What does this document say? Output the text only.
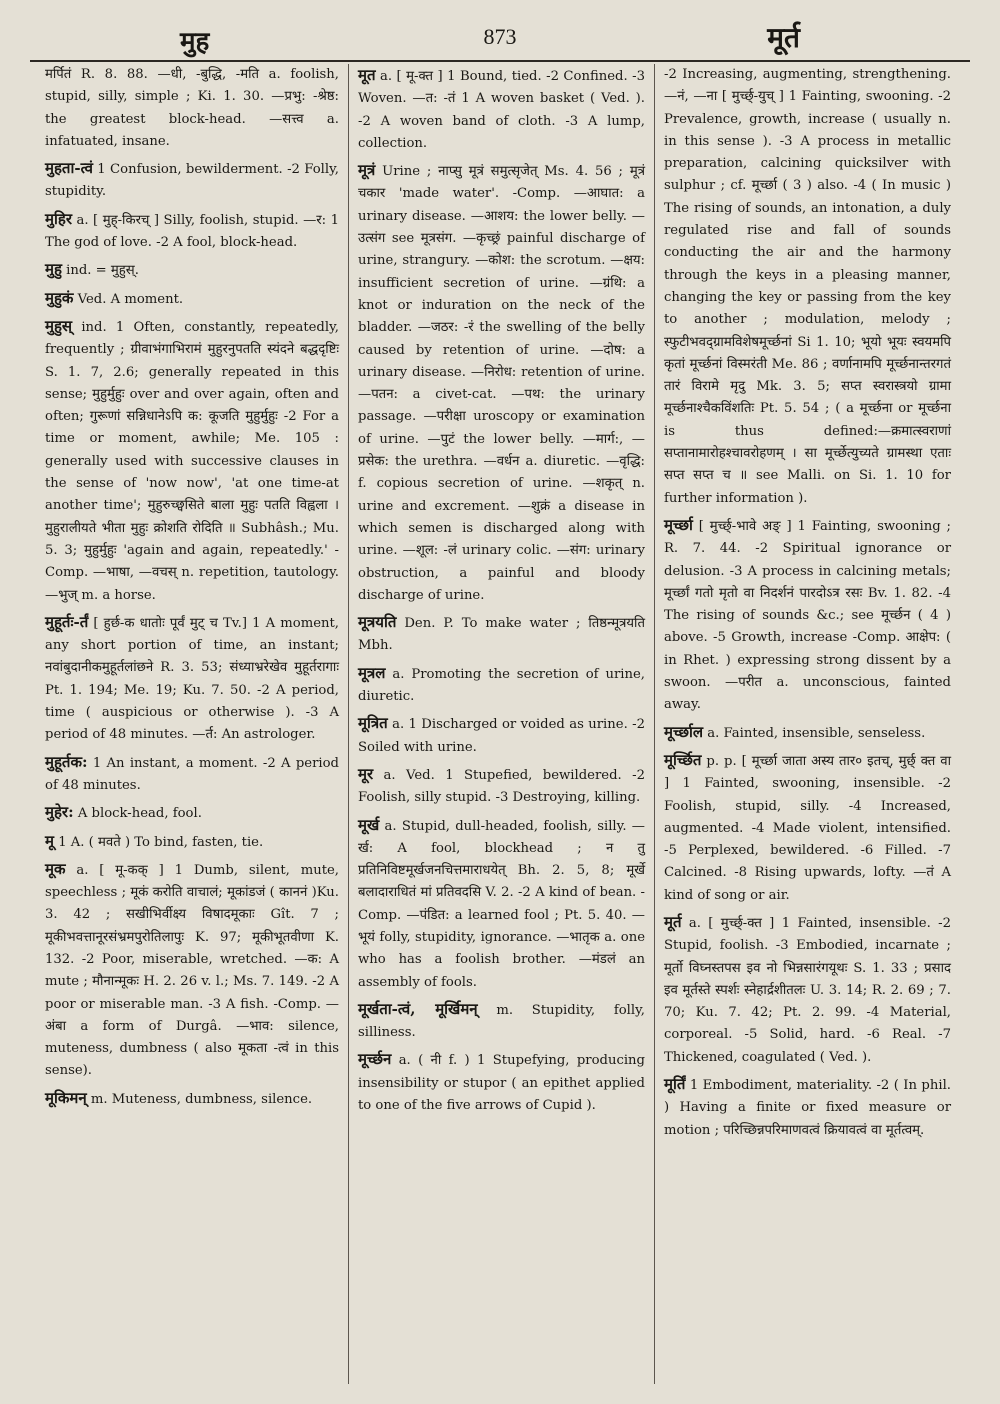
मुह	873	मूर्त

मर्पितं R. 8. 88. —धी, -बुद्धि, -मति a. foolish, stupid, silly, simple ; Ki. 1. 30. —प्रभु: -श्रेष्ठ: the greatest block-head. —सत्त्व a. infatuated, insane.

मुहता-त्वं 1 Confusion, bewilderment. -2 Folly, stupidity.

मुहिर a. [ मुह्-किरच् ] Silly, foolish, stupid. —र: 1 The god of love. -2 A fool, block-head.

मुहु ind. = मुहुस्.

मुहुकं Ved. A moment.

मुहुस् ind. 1 Often, constantly, repeatedly, frequently ; ग्रीवाभंगाभिरामं मुहुरनुपतति स्यंदने बद्धदृष्टिः S. 1. 7, 2.6; generally repeated in this sense; मुहुर्मुहुः over and over again, often and often; गुरूणां सन्निधानेऽपि क: कूजति मुहुर्मुहुः -2 For a time or moment, awhile; Me. 105 : generally used with successive clauses in the sense of 'now now', 'at one time-at another time'; मुहुरुच्छ्वसिते बाला मुहुः पतति विह्वला । मुहुरालीयते भीता मुहुः क्रोशति रोदिति ॥ Subhâsh.; Mu. 5. 3; मुहुर्मुहुः 'again and again, repeatedly.' -Comp. —भाषा, —वचस् n. repetition, tautology. —भुज् m. a horse.

मुहूर्तः-र्तं [ हुर्छ-क धातोः पूर्वं मुट् च Tv.] 1 A moment, any short portion of time, an instant; नवांबुदानीकमुहूर्तलांछने R. 3. 53; संध्याभ्ररेखेव मुहूर्तरागाः Pt. 1. 194; Me. 19; Ku. 7. 50. -2 A period, time ( auspicious or otherwise ). -3 A period of 48 minutes. —र्त: An astrologer.

मुहूर्तक: 1 An instant, a moment. -2 A period of 48 minutes.

मुहेर: A block-head, fool.

मू 1 A. ( मवते ) To bind, fasten, tie.

मूक a. [ मू-कक् ] 1 Dumb, silent, mute, speechless ; मूकं करोति वाचालं; मूकांडजं ( काननं )Ku. 3. 42 ; सखीभिर्वीक्ष्य विषादमूकाः Gît. 7 ; मूकीभवत्तानूरसंभ्रमपुरोतिलापुः K. 97; मूकीभूतवीणा K. 132. -2 Poor, miserable, wretched. —क: A mute ; मौनान्मूकः H. 2. 26 v. l.; Ms. 7. 149. -2 A poor or miserable man. -3 A fish. -Comp. —अंबा a form of Durgâ. —भाव: silence, muteness, dumbness ( also मूकता -त्वं in this sense).

मूकिमन् m. Muteness, dumbness, silence.

मूत a. [ मू-क्त ] 1 Bound, tied. -2 Confined. -3 Woven. —त: -तं 1 A woven basket ( Ved. ). -2 A woven band of cloth. -3 A lump, collection.

मूत्रं Urine ; नाप्सु मूत्रं समुत्सृजेत् Ms. 4. 56 ; मूत्रं चकार 'made water'. -Comp. —आघात: a urinary disease. —आशय: the lower belly. —उत्संग see मूत्रसंग. —कृच्छ्रं painful discharge of urine, strangury. —कोश: the scrotum. —क्षय: insufficient secretion of urine. —ग्रंथि: a knot or induration on the neck of the bladder. —जठर: -रं the swelling of the belly caused by retention of urine. —दोष: a urinary disease. —निरोध: retention of urine. —पतन: a civet-cat. —पथ: the urinary passage. —परीक्षा uroscopy or examination of urine. —पुटं the lower belly. —मार्ग:, —प्रसेक: the urethra. —वर्धन a. diuretic. —वृद्धि: f. copious secretion of urine. —शकृत् n. urine and excrement. —शुक्रं a disease in which semen is discharged along with urine. —शूल: -लं urinary colic. —संग: urinary obstruction, a painful and bloody discharge of urine.

मूत्रयति Den. P. To make water ; तिष्ठन्मूत्रयति Mbh.

मूत्रल a. Promoting the secretion of urine, diuretic.

मूत्रित a. 1 Discharged or voided as urine. -2 Soiled with urine.

मूर a. Ved. 1 Stupefied, bewildered. -2 Foolish, silly stupid. -3 Destroying, killing.

मूर्ख a. Stupid, dull-headed, foolish, silly. —र्ख: A fool, blockhead ; न तु प्रतिनिविष्टमूर्खजनचित्तमाराधयेत् Bh. 2. 5, 8; मूर्खे बलादाराधितं मां प्रतिवदसि V. 2. -2 A kind of bean. -Comp. —पंडित: a learned fool ; Pt. 5. 40. —भूयं folly, stupidity, ignorance. —भातृक a. one who has a foolish brother. —मंडलं an assembly of fools.

मूर्खता-त्वं, मूर्खिमन् m. Stupidity, folly, silliness.

मूर्च्छन a. ( नी f. ) 1 Stupefying, producing insensibility or stupor ( an epithet applied to one of the five arrows of Cupid ).

-2 Increasing, augmenting, strengthening. —नं, —ना [ मुर्च्छ्-युच् ] 1 Fainting, swooning. -2 Prevalence, growth, increase ( usually n. in this sense ). -3 A process in metallic preparation, calcining quicksilver with sulphur ; cf. मूर्च्छा ( 3 ) also. -4 ( In music ) The rising of sounds, an intonation, a duly regulated rise and fall of sounds conducting the air and the harmony through the keys in a pleasing manner, changing the key or passing from the key to another ; modulation, melody ; स्फुटीभवद्ग्रामविशेषमूर्च्छनां Si 1. 10; भूयो भूयः स्वयमपि कृतां मूर्च्छनां विस्मरंती Me. 86 ; वर्णानामपि मूर्च्छनान्तरगतं तारं विरामे मृदु Mk. 3. 5; सप्त स्वरास्त्रयो ग्रामा मूर्च्छनाश्चैकविंशतिः Pt. 5. 54 ; ( a मूर्च्छना or मूर्च्छना is thus defined:—क्रमात्स्वराणां सप्तानामारोहश्चावरोहणम् । सा मूर्च्छेत्युच्यते ग्रामस्था एताः सप्त सप्त च ॥ see Malli. on Si. 1. 10 for further information ).

मूर्च्छा [ मुर्च्छ्-भावे अङ् ] 1 Fainting, swooning ; R. 7. 44. -2 Spiritual ignorance or delusion. -3 A process in calcining metals; मूर्च्छां गतो मृतो वा निदर्शनं पारदोऽत्र रसः Bv. 1. 82. -4 The rising of sounds &c.; see मूर्च्छन ( 4 ) above. -5 Growth, increase -Comp. आक्षेप: ( in Rhet. ) expressing strong dissent by a swoon. —परीत a. unconscious, fainted away.

मूर्च्छाल a. Fainted, insensible, senseless.

मूर्च्छित p. p. [ मूर्च्छा जाता अस्य तार० इतच्, मुर्छ् क्त वा ] 1 Fainted, swooning, insensible. -2 Foolish, stupid, silly. -4 Increased, augmented. -4 Made violent, intensified. -5 Perplexed, bewildered. -6 Filled. -7 Calcined. -8 Rising upwards, lofty. —तं A kind of song or air.

मूर्त a. [ मुर्च्छ्-क्त ] 1 Fainted, insensible. -2 Stupid, foolish. -3 Embodied, incarnate ; मूर्तो विघ्नस्तपस इव नो भिन्नसारंगयूथः S. 1. 33 ; प्रसाद इव मूर्तस्ते स्पर्शः स्नेहार्द्रशीतलः U. 3. 14; R. 2. 69 ; 7. 70; Ku. 7. 42; Pt. 2. 99. -4 Material, corporeal. -5 Solid, hard. -6 Real. -7 Thickened, coagulated ( Ved. ).

मूर्तिं 1 Embodiment, materiality. -2 ( In phil. ) Having a finite or fixed measure or motion ; परिच्छिन्नपरिमाणवत्वं क्रियावत्वं वा मूर्तत्वम्.
